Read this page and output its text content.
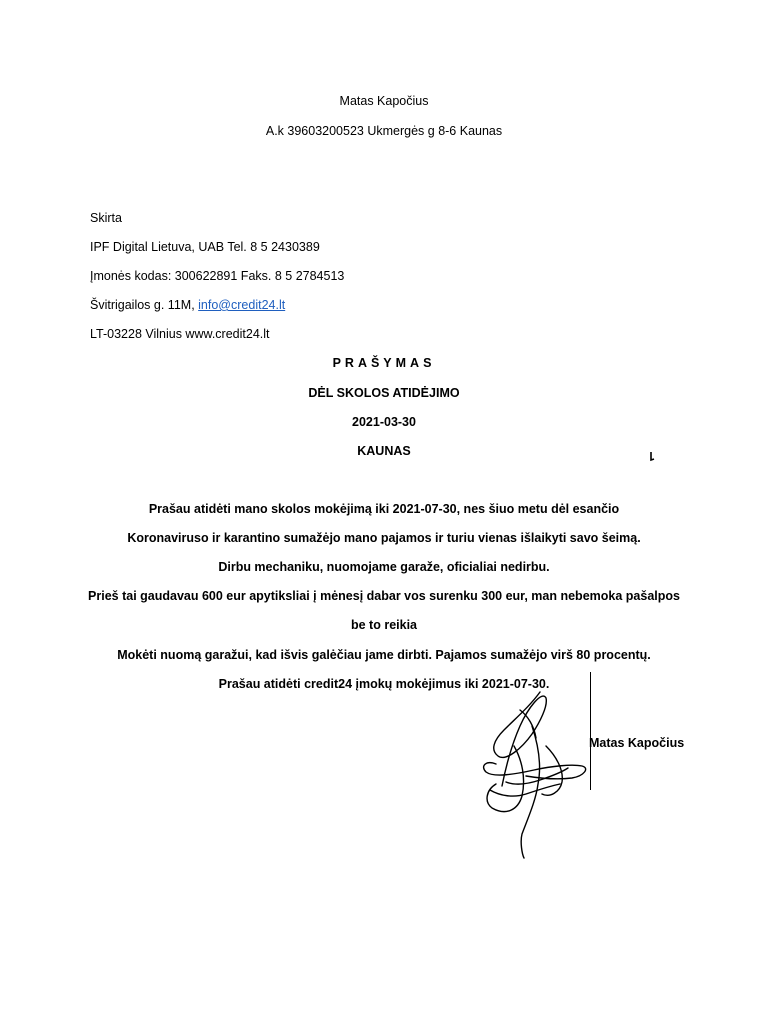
Matas Kapočius
A.k 39603200523 Ukmergės g 8-6 Kaunas
Skirta
IPF Digital Lietuva, UAB Tel. 8 5 2430389
Įmonės kodas: 300622891 Faks. 8 5 2784513
Švitrigailos g. 11M, info@credit24.lt
LT-03228 Vilnius www.credit24.lt
PRAŠYMAS
DĖL SKOLOS ATIDĖJIMO
2021-03-30
KAUNAS
Prašau atidėti mano skolos mokėjimą iki 2021-07-30, nes šiuo metu dėl esančio
Koronaviruso ir karantino sumažėjo mano pajamos ir turiu vienas išlaikyti savo šeimą.
Dirbu mechaniku, nuomojame garaže, oficialiai nedirbu.
Prieš tai gaudavau 600 eur apytiksliai į mėnesį dabar vos surenku 300 eur, man nebemoka pašalpos
be to reikia
Mokėti nuomą garažui, kad išvis galėčiau jame dirbti. Pajamos sumažėjo virš 80 procentų.
Prašau atidėti credit24 įmokų mokėjimus iki 2021-07-30.
Matas Kapočius
